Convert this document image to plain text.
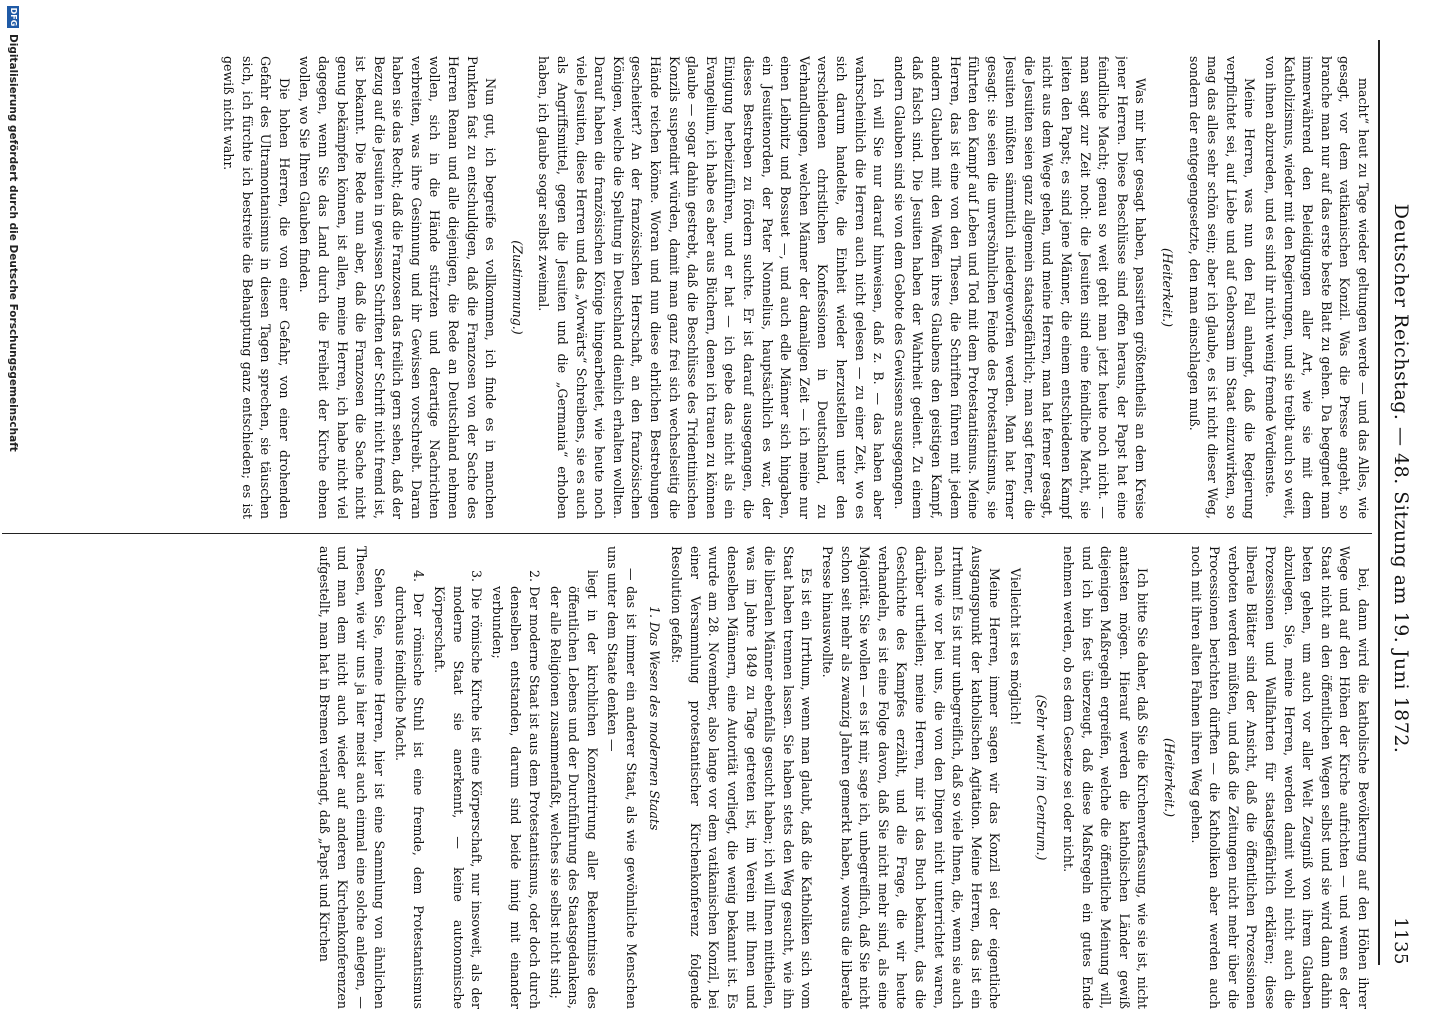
Deutscher Reichstag. — 48. Sitzung am 19. Juni 1872.
1135

macht“ heut zu Tage wieder geltungen werde — und das Alles, wie gesagt, vor dem vatikanischen Konzil. Was die Presse angeht, so branche man nur auf das erste beste Blatt zu gehen. Da begegnet man immerwährend den Beleidigungen aller Art, wie sie mit dem Katholizismus, wieder mit den Regierungen, und sie treibt auch so weit, von ihnen abzureden, und es sind ihr nicht wenig fremde Verdienste.

Meine Herren, was nun den Fall anlangt, daß die Regierung verpflichtet sei, auf Liebe und auf Gehorsam im Staat einzuwirken, so mag das alles sehr schön sein; aber ich glaube, es ist nicht dieser Weg, sondern der entgegengesetzte, den man einschlagen muß.

(Heiterkeit.)

Was mir hier gesagt haben, passirten größtentheils an dem Kreise jener Herren. Diese Beschlüsse sind offen heraus, der Papst hat eine feindliche Macht; genau so weit geht man jetzt heute noch nicht. — man sagt zur Zeit noch: die Jesuiten sind eine feindliche Macht, sie leiten den Papst; es sind jene Männer, die einem entschiedenen Kampf nicht aus dem Wege gehen, und meine Herren, man hat ferner gesagt, die Jesuiten seien ganz allgemein staatsgefährlich; man sagt ferner, die Jesuiten müßten sämmtlich niedergeworfen werden. Man hat ferner gesagt: sie seien die unversöhnlichen Feinde des Protestantismus, sie führten den Kampf auf Leben und Tod mit dem Protestantismus. Meine Herren, das ist eine von den Thesen, die Schriften führen mit jedem andern Glauben mit den Waffen ihres Glaubens den geistigen Kampf, daß falsch sind. Die Jesuiten haben der Wahrheit gedient. Zu einem andern Glauben sind sie von dem Gebote des Gewissens ausgegangen.

Ich will Sie nur darauf hinweisen, daß z. B. — das haben aber wahrscheinlich die Herren auch nicht gelesen — zu einer Zeit, wo es sich darum handelte, die Einheit wieder herzustellen unter den verschiedenen christlichen Konfessionen in Deutschland, zu Verhandlungen, welchen Männer der damaligen Zeit — ich meine nur einen Leibnitz und Bossuet —, und auch edle Männer sich hingaben, ein Jesuitenorden, der Pater Nonnelius, hauptsächlich es war, der dieses Bestreben zu fördern suchte. Er ist darauf ausgegangen, die Einigung herbeizuführen, und er hat — ich gebe das nicht als ein Evangelium, ich habe es aber aus Büchern, denen ich trauen zu können glaube — sogar dahin gestrebt, daß die Beschlüsse des Tridentinischen Konzils suspendirt würden, damit man ganz frei sich wechselseitig die Hände reichen könne. Woran und nun diese ehrlichen Bestrebungen gescheitert? An der französischen Herrschaft, an den französischen Königen, welche die Spaltung in Deutschland dienlich erhalten wollten. Darauf haben die französischen Könige hingearbeitet, wie heute noch viele Jesuiten, diese Herren und das „Vorwärts“ Schreibens, sie es auch als Angriffsmittel, gegen die Jesuiten und die „Germania“ erhoben haben, ich glaube sogar selbst zweimal.

(Zustimmung.)

Nun gut, ich begreife es vollkommen, ich finde es in manchen Punkten fast zu entschuldigen, daß die Franzosen von der Sache des Herren Renan und alle diejenigen, die Rede an Deutschland nehmen wollen, sich in die Hände stürzten und derartige Nachrichten verbreiten, was ihre Gesinnung und ihr Gewissen vorschreibt. Daran haben sie das Recht; daß die Franzosen das freilich gern sehen, daß der Bezug auf die Jesuiten in gewissen Schriften der Schrift nicht fremd ist, ist bekannt. Die Rede nun aber, daß die Franzosen die Sache nicht genug bekämpfen können, ist allen, meine Herren, ich habe nicht viel dagegen, wenn Sie das Land durch die Freiheit der Kirche ebnen wollen, wo Sie Ihren Glauben finden.

Die hohen Herren, die von einer Gefahr, von einer drohenden Gefahr des Ultramontanismus in diesen Tagen sprechen, sie täuschen sich, ich fürchte ich bestreite die Behauptung ganz entschieden; es ist gewiß nicht wahr.

bei, dann wird die katholische Bevölkerung auf den Höhen ihrer Wege und auf den Höhen der Kirche aufrichten — und wenn es der Staat nicht an den öffentlichen Wegen selbst und sie wird dann dahin beten gehen, um auch vor aller Welt Zeugniß von ihrem Glauben abzulegen. Sie, meine Herren, werden damit wohl nicht auch die Prozessionen und Wallfahrten für staatsgefährlich erklären; diese liberale Blätter sind der Ansicht, daß die öffentlichen Prozessionen verboten werden müßten, und daß die Zeitungen nicht mehr über die Processionen berichten dürften — die Katholiken aber werden auch noch mit ihren alten Fahnen ihren Weg gehen.

(Heiterkeit.)

Ich bitte Sie daher, daß Sie die Kirchenverfassung, wie sie ist, nicht antasten mögen. Hierauf werden die katholischen Länder gewiß diejenigen Maßregeln ergreifen, welche die öffentliche Meinung will, und ich bin fest überzeugt, daß diese Maßregeln ein gutes Ende nehmen werden, ob es dem Gesetze sei oder nicht.

(Sehr wahr! im Centrum.)

Vielleicht ist es möglich!

Meine Herren, immer sagen wir das Konzil sei der eigentliche Ausgangspunkt der katholischen Agitation. Meine Herren, das ist ein Irrthum! Es ist nur unbegreiflich, daß so viele Ihnen, die, wenn sie auch nach wie vor bei uns, die von den Dingen nicht unterrichtet waren, darüber urtheilen; meine Herren, mir ist das Buch bekannt, das die Geschichte des Kampfes erzählt, und die Frage, die wir heute verhandeln, es ist eine Folge davon, daß Sie nicht mehr sind, als eine Majorität. Sie wollen — es ist mir, sage ich, unbegreiflich, daß Sie nicht schon seit mehr als zwanzig Jahren gemerkt haben, woraus die liberale Presse hinauswollte.

Es ist ein Irrthum, wenn man glaubt, daß die Katholiken sich vom Staat haben trennen lassen. Sie haben stets den Weg gesucht, wie ihn die liberalen Männer ebenfalls gesucht haben; ich will Ihnen mittheilen, was im Jahre 1849 zu Tage getreten ist, im Verein mit Ihnen und denselben Männern, eine Autorität vorliegt, die wenig bekannt ist. Es wurde am 28. November, also lange vor dem vatikanischen Konzil, bei einer Versammlung protestantischer Kirchenkonferenz folgende Resolution gefaßt:

1. Das Wesen des modernen Staats

— das ist immer ein anderer Staat, als wie gewöhnliche Menschen uns unter dem Staate denken —

liegt in der kirchlichen Konzentrirung aller Bekenntnisse des öffentlichen Lebens und der Durchführung des Staatsgedankens, der alle Religionen zusammenfaßt, welches sie selbst nicht sind;

2. Der moderne Staat ist aus dem Protestantismus, oder doch durch denselben entstanden, darum sind beide innig mit einander verbunden;

3. Die römische Kirche ist eine Körperschaft, nur insoweit, als der moderne Staat sie anerkennt, — keine autonomische Körperschaft.

4. Der römische Stuhl ist eine fremde, dem Protestantismus durchaus feindliche Macht.

Sehen Sie, meine Herren, hier ist eine Sammlung von ähnlichen Thesen, wie wir uns ja hier meist auch einmal eine solche anlegen, — und man dem nicht auch wieder auf anderen Kirchenkonferenzen aufgestellt, man hat in Bremen verlangt, daß „Papst und Kirchen

DFG
Digitalisierung gefördert durch die Deutsche Forschungsgemeinschaft
